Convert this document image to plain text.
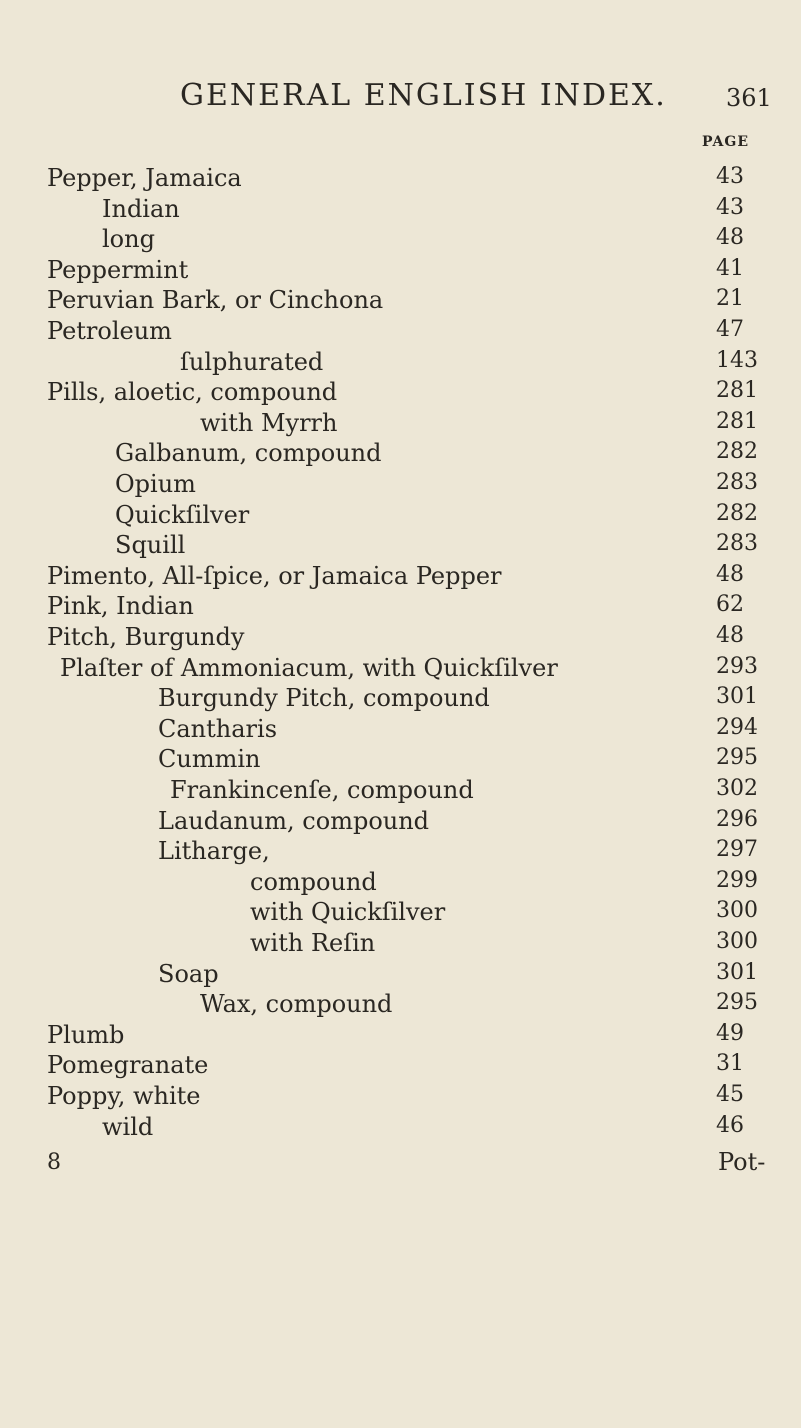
GENERAL ENGLISH INDEX. 361
PAGE
Pepper, Jamaica	43
Indian	43
long	48
Peppermint	41
Peruvian Bark, or Cinchona	21
Petroleum	47
ſulphurated	143
Pills, aloetic, compound	281
with Myrrh	281
Galbanum, compound	282
Opium	283
Quickſilver	282
Squill	283
Pimento, All-ſpice, or Jamaica Pepper	48
Pink, Indian	62
Pitch, Burgundy	48
Plaſter of Ammoniacum, with Quickſilver	293
Burgundy Pitch, compound	301
Cantharis	294
Cummin	295
Frankincenſe, compound	302
Laudanum, compound	296
Litharge,	297
compound	299
with Quickſilver	300
with Reſin	300
Soap	301
Wax, compound	295
Plumb	49
Pomegranate	31
Poppy, white	45
wild	46
8	Pot-
